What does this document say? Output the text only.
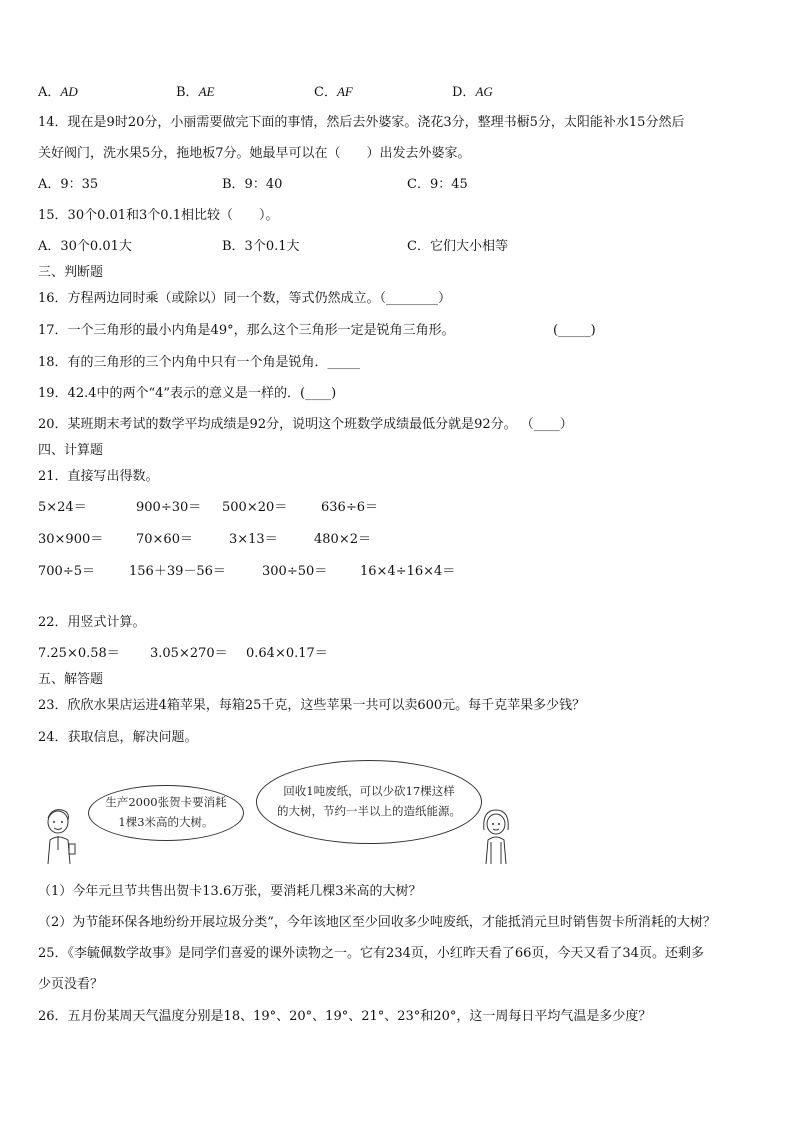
A．AD	B．AE	C．AF	D．AG
14．现在是9时20分，小丽需要做完下面的事情，然后去外婆家。浇花3分，整理书橱5分，太阳能补水15分然后
关好阀门，洗水果5分，拖地板7分。她最早可以在（　　）出发去外婆家。
A．9：35	B．9：40	C．9：45
15．30个0.01和3个0.1相比较（　　）。
A．30个0.01大	B．3个0.1大	C．它们大小相等
三、判断题
16．方程两边同时乘（或除以）同一个数，等式仍然成立。（________）
17．一个三角形的最小内角是49°，那么这个三角形一定是锐角三角形。	(_____)
18．有的三角形的三个内角中只有一个角是锐角．_____
19．42.4中的两个“4”表示的意义是一样的．(____)
20．某班期末考试的数学平均成绩是92分，说明这个班数学成绩最低分就是92分。 （____）
四、计算题
21．直接写出得数。
5×24＝	900÷30＝ 500×20＝	636÷6＝
30×900＝	70×60＝	3×13＝	480×2＝
700÷5＝	156＋39－56＝	300÷50＝	16×4÷16×4＝
22．用竖式计算。
7.25×0.58＝ 3.05×270＝ 0.64×0.17＝
五、解答题
23．欣欣水果店运进4箱苹果，每箱25千克，这些苹果一共可以卖600元。每千克苹果多少钱？
24．获取信息，解决问题。
生产2000张贺卡要消耗
1棵3米高的大树。
回收1吨废纸，可以少砍17棵这样
的大树，节约一半以上的造纸能源。
（1）今年元旦节共售出贺卡13.6万张，要消耗几棵3米高的大树？
（2）为节能环保各地纷纷开展垃圾分类”，今年该地区至少回收多少吨废纸，才能抵消元旦时销售贺卡所消耗的大树？
25．《李毓佩数学故事》是同学们喜爱的课外读物之一。它有234页，小红昨天看了66页，今天又看了34页。还剩多
少页没看？
26．五月份某周天气温度分别是18、19°、20°、19°、21°、23°和20°，这一周每日平均气温是多少度？
